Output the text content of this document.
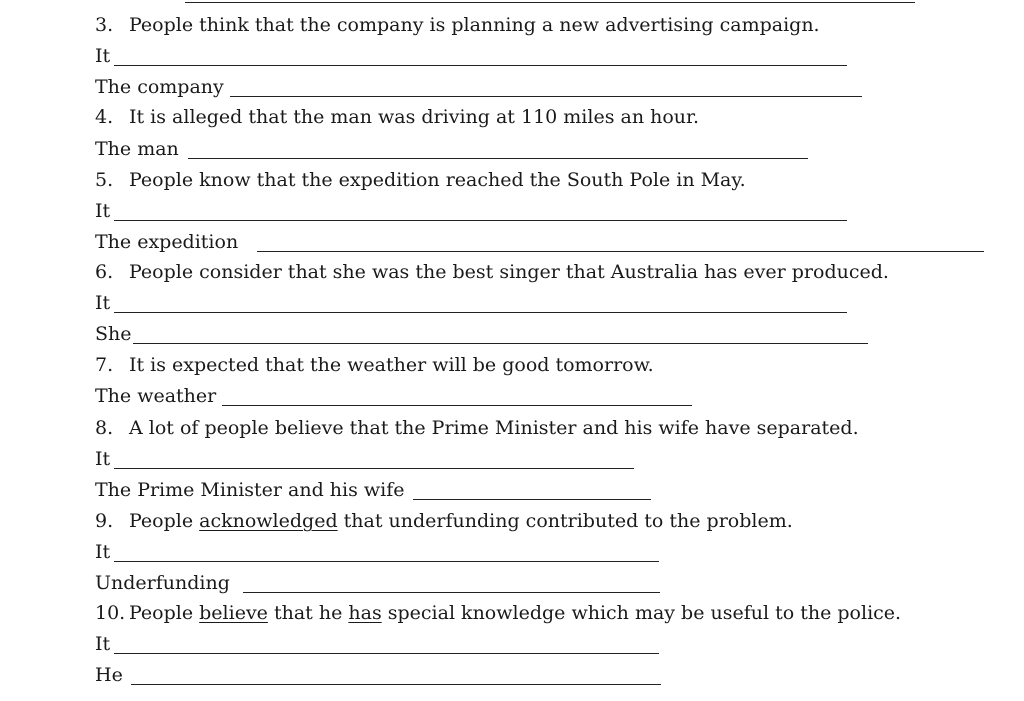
3. People think that the company is planning a new advertising campaign.
It
The company
4. It is alleged that the man was driving at 110 miles an hour.
The man
5. People know that the expedition reached the South Pole in May.
It
The expedition
6. People consider that she was the best singer that Australia has ever produced.
It
She
7. It is expected that the weather will be good tomorrow.
The weather
8. A lot of people believe that the Prime Minister and his wife have separated.
It
The Prime Minister and his wife
9. People acknowledged that underfunding contributed to the problem.
It
Underfunding
10. People believe that he has special knowledge which may be useful to the police.
It
He
